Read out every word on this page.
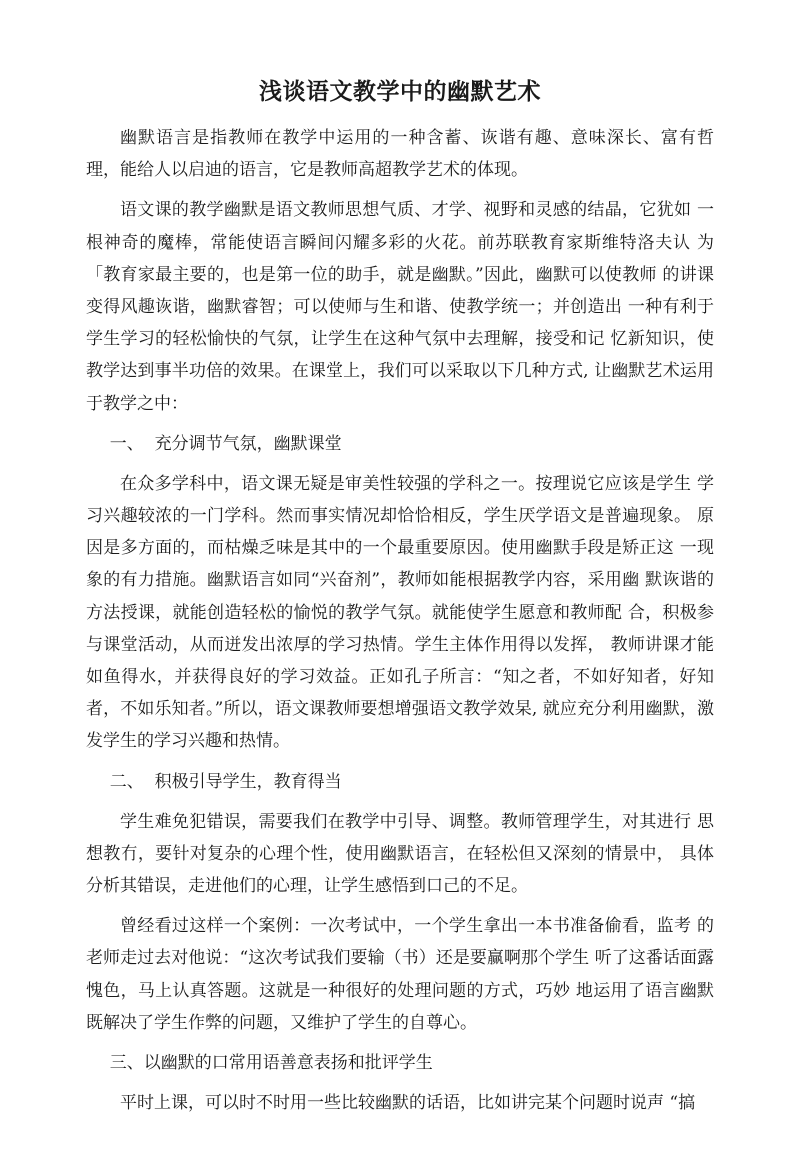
浅谈语文教学中的幽默艺术

幽默语言是指教师在教学中运用的一种含蓄、诙谐有趣、意味深长、富有哲 理，能给人以启迪的语言，它是教师高超教学艺术的体现。

语文课的教学幽默是语文教师思想气质、才学、视野和灵感的结晶，它犹如 一根神奇的魔棒，常能使语言瞬间闪耀多彩的火花。前苏联教育家斯维特洛夫认 为「教育家最主要的，也是第一位的助手，就是幽默。”因此，幽默可以使教师 的讲课变得风趣诙谐，幽默睿智；可以使师与生和谐、使教学统一；并创造出 一种有利于学生学习的轻松愉快的气氛，让学生在这种气氛中去理解，接受和记 忆新知识，使教学达到事半功倍的效果。在课堂上，我们可以采取以下几种方式, 让幽默艺术运用于教学之中：

一、  充分调节气氛，幽默课堂

在众多学科中，语文课无疑是审美性较强的学科之一。按理说它应该是学生 学习兴趣较浓的一门学科。然而事实情况却恰恰相反，学生厌学语文是普遍现象。 原因是多方面的，而枯燥乏味是其中的一个最重要原因。使用幽默手段是矫正这 一现象的有力措施。幽默语言如同“兴奋剂”，教师如能根据教学内容，采用幽 默诙谐的方法授课，就能创造轻松的愉悦的教学气氛。就能使学生愿意和教师配 合，积极参与课堂活动，从而迸发出浓厚的学习热情。学生主体作用得以发挥， 教师讲课才能如鱼得水，并获得良好的学习效益。正如孔子所言：“知之者，不如好知者，好知者，不如乐知者。”所以，语文课教师要想增强语文教学效杲, 就应充分利用幽默，激发学生的学习兴趣和热情。

二、  积极引导学生，教育得当

学生难免犯错误，需要我们在教学中引导、调整。教师管理学生，对其进行 思想教冇，要针对复杂的心理个性，使用幽默语言，在轻松但又深刻的情景中， 具体分析其错误，走进他们的心理，让学生感悟到口己的不足。

曾经看过这样一个案例：一次考试中，一个学生拿出一本书准备偷看，监考 的老师走过去对他说：“这次考试我们要输（书）还是要赢啊那个学生 听了这番话面露愧色，马上认真答题。这就是一种很好的处理问题的方式，巧妙 地运用了语言幽默既解决了学生作弊的问题，又维护了学生的自尊心。

三、以幽默的口常用语善意表扬和批评学生

平时上课，可以时不时用一些比较幽默的话语，比如讲完某个问题时说声 “搞
